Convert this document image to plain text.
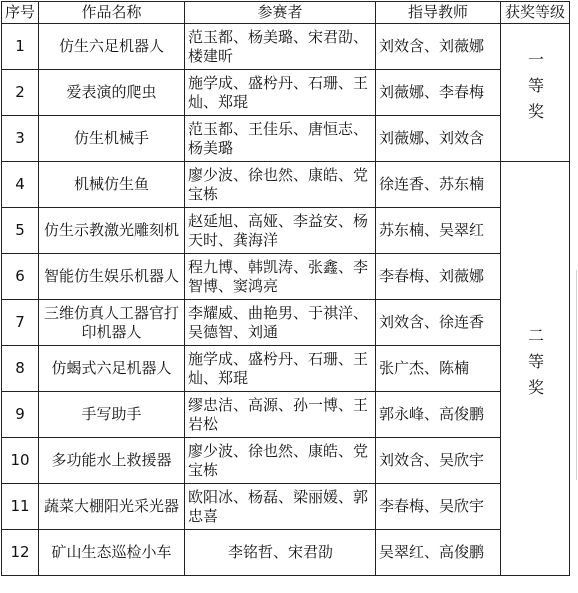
序号	作品名称	参赛者	指导教师	获奖等级
1	仿生六足机器人	范玉都、杨美璐、宋君劭、楼建昕	刘效含、刘薇娜	一等奖
2	爱表演的爬虫	施学成、盛枍丹、石珊、王灿、郑琨	刘薇娜、李春梅	
3	仿生机械手	范玉都、王佳乐、唐恒志、杨美璐	刘薇娜、刘效含	
4	机械仿生鱼	廖少波、徐也然、康皓、党宝栋	徐连香、苏东楠	二等奖
5	仿生示教激光雕刻机	赵延旭、高娅、李益安、杨天时、龚海洋	苏东楠、吴翠红	
6	智能仿生娱乐机器人	程九博、韩凯涛、张鑫、李智博、窦鸿亮	李春梅、刘薇娜	
7	三维仿真人工器官打印机器人	李耀威、曲艳男、于祺洋、吴德智、刘通	刘效含、徐连香	
8	仿蝎式六足机器人	施学成、盛枍丹、石珊、王灿、郑琨	张广杰、陈楠	
9	手写助手	缪忠洁、高源、孙一博、王岩松	郭永峰、高俊鹏	
10	多功能水上救援器	廖少波、徐也然、康皓、党宝栋	刘效含、吴欣宇	
11	蔬菜大棚阳光采光器	欧阳冰、杨磊、梁丽媛、郭忠喜	李春梅、吴欣宇	
12	矿山生态巡检小车	李铭哲、宋君劭	吴翠红、高俊鹏	
